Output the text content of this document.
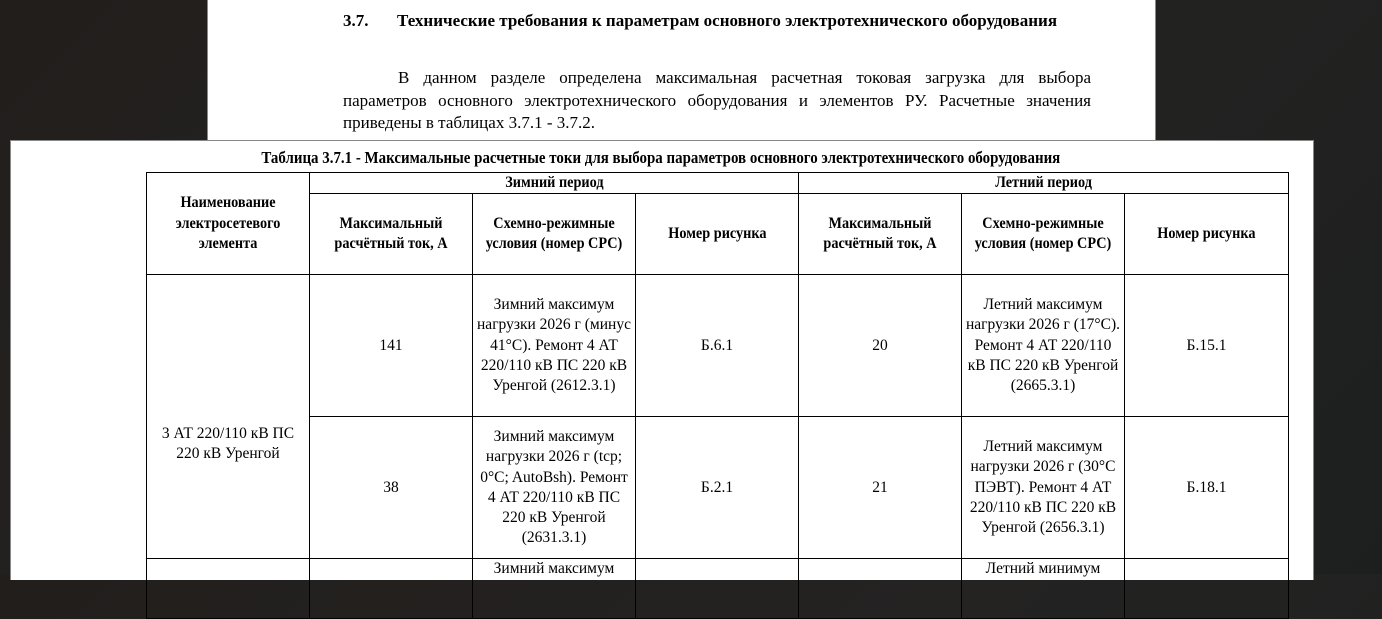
3.7. Технические требования к параметрам основного электротехнического оборудования
В данном разделе определена максимальная расчетная токовая загрузка для выбора параметров основного электротехнического оборудования и элементов РУ. Расчетные значения приведены в таблицах 3.7.1 - 3.7.2.
Таблица 3.7.1 - Максимальные расчетные токи для выбора параметров основного электротехнического оборудования
Наименование электросетевого элемента	Зимний период			Летний период		
	Максимальный расчётный ток, А	Схемно-режимные условия (номер СРС)	Номер рисунка	Максимальный расчётный ток, А	Схемно-режимные условия (номер СРС)	Номер рисунка
3 АТ 220/110 кВ ПС 220 кВ Уренгой	141	Зимний максимум нагрузки 2026 г (минус 41°C). Ремонт 4 АТ 220/110 кВ ПС 220 кВ Уренгой (2612.3.1)	Б.6.1	20	Летний максимум нагрузки 2026 г (17°C). Ремонт 4 АТ 220/110 кВ ПС 220 кВ Уренгой (2665.3.1)	Б.15.1
	38	Зимний максимум нагрузки 2026 г (tcp; 0°C; AutoBsh). Ремонт 4 АТ 220/110 кВ ПС 220 кВ Уренгой (2631.3.1)	Б.2.1	21	Летний максимум нагрузки 2026 г (30°C ПЭВТ). Ремонт 4 АТ 220/110 кВ ПС 220 кВ Уренгой (2656.3.1)	Б.18.1
		Зимний максимум			Летний минимум	
